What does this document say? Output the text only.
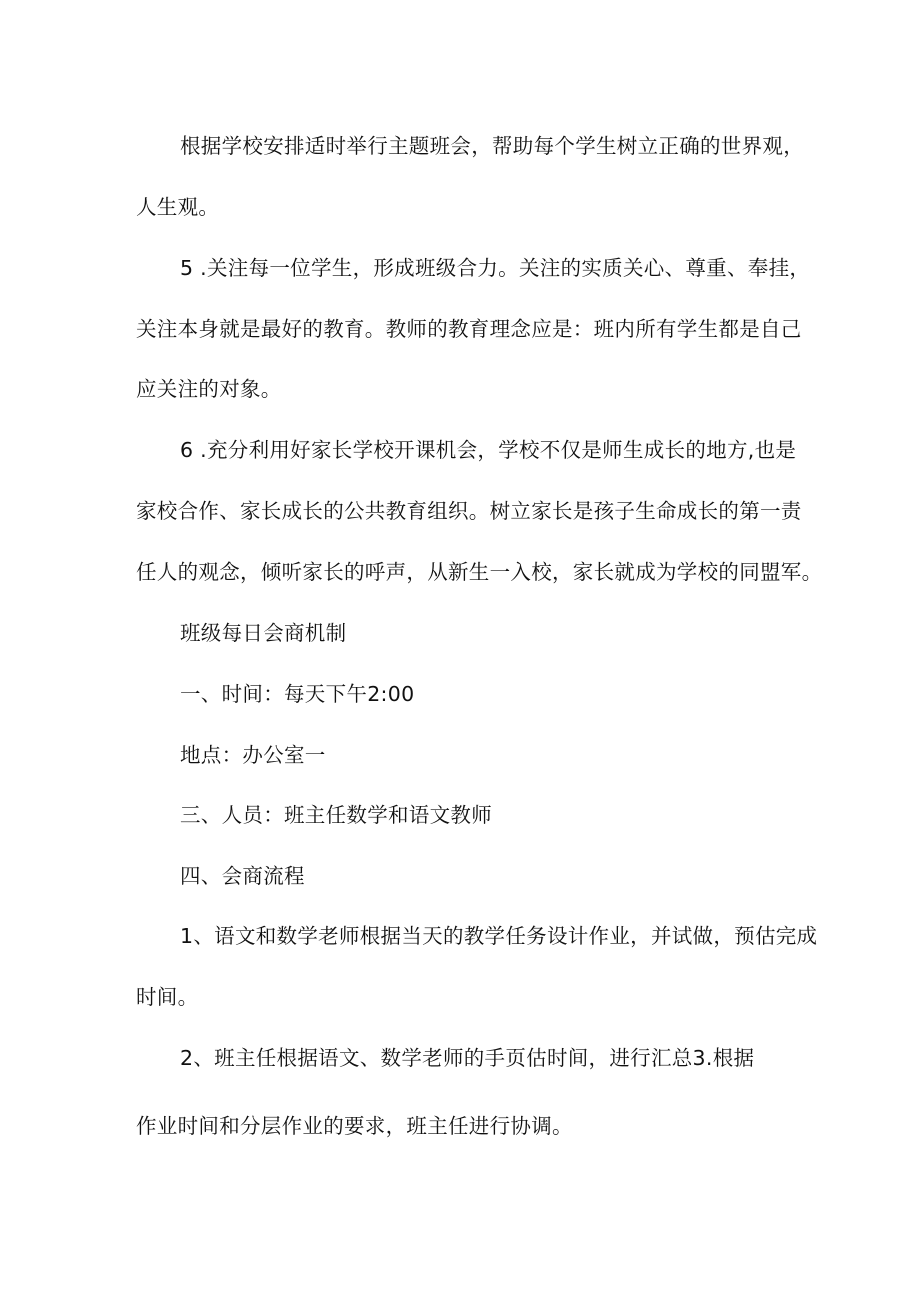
根据学校安排适时举行主题班会，帮助每个学生树立正确的世界观，

人生观。

5 .关注每一位学生，形成班级合力。关注的实质关心、尊重、奉挂，

关注本身就是最好的教育。教师的教育理念应是：班内所有学生都是自己

应关注的对象。

6 .充分利用好家长学校开课机会，学校不仅是师生成长的地方,也是

家校合作、家长成长的公共教育组织。树立家长是孩子生命成长的第一责

任人的观念，倾听家长的呼声，从新生一入校，家长就成为学校的同盟军。

班级每日会商机制

一、时间：每天下午2:00

地点：办公室一

三、人员：班主任数学和语文教师

四、会商流程

1、语文和数学老师根据当天的教学任务设计作业，并试做，预估完成

时间。

2、班主任根据语文、数学老师的手页估时间，进行汇总3.根据

作业时间和分层作业的要求，班主任进行协调。
